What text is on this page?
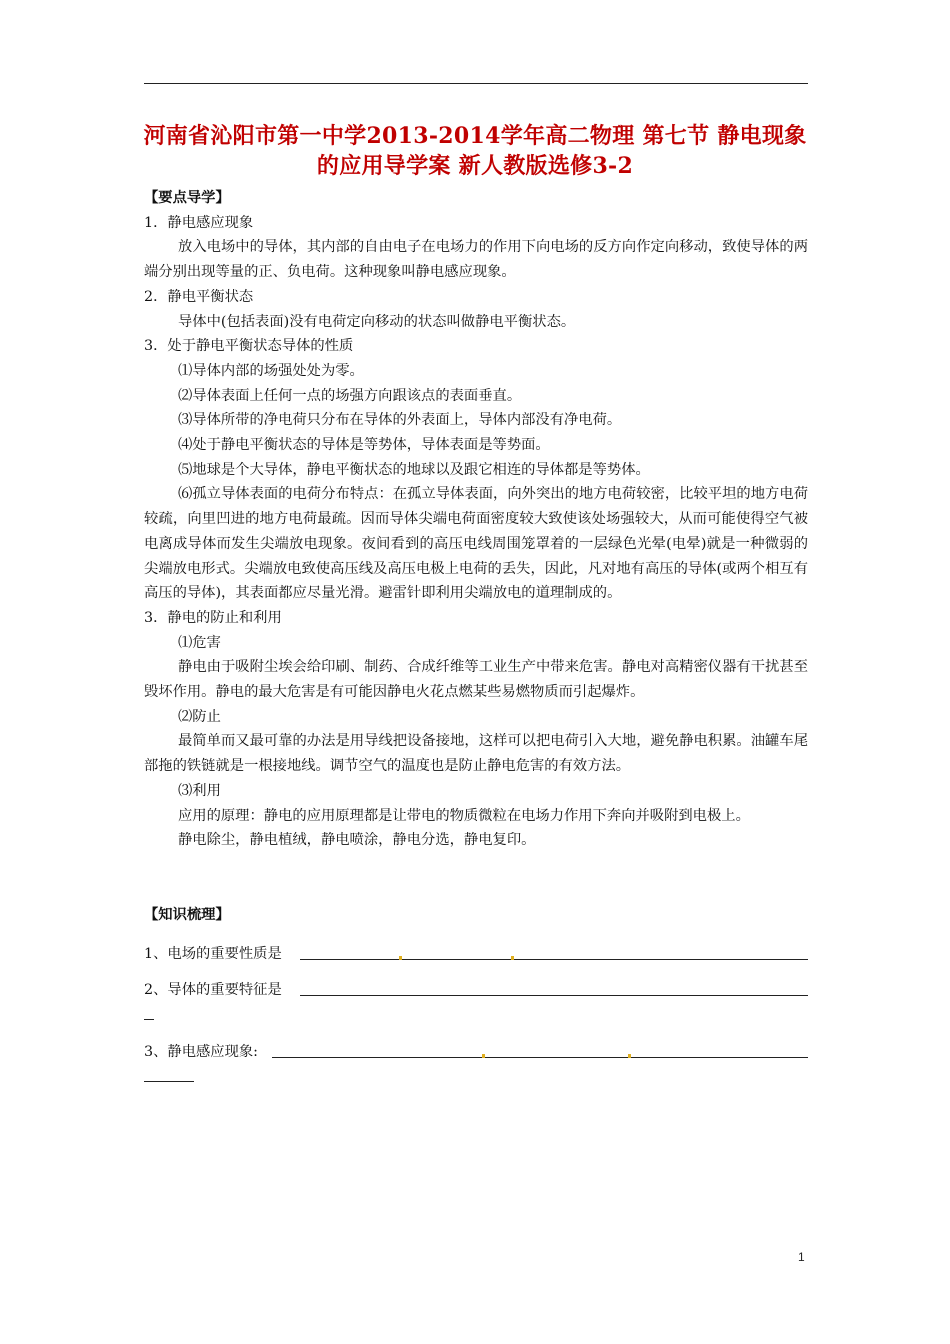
河南省沁阳市第一中学2013-2014学年高二物理 第七节 静电现象
的应用导学案 新人教版选修3-2

【要点导学】

1．静电感应现象

放入电场中的导体，其内部的自由电子在电场力的作用下向电场的反方向作定向移动，致使导体的两端分别出现等量的正、负电荷。这种现象叫静电感应现象。

2．静电平衡状态

导体中(包括表面)没有电荷定向移动的状态叫做静电平衡状态。

3．处于静电平衡状态导体的性质

⑴导体内部的场强处处为零。

⑵导体表面上任何一点的场强方向跟该点的表面垂直。

⑶导体所带的净电荷只分布在导体的外表面上，导体内部没有净电荷。

⑷处于静电平衡状态的导体是等势体，导体表面是等势面。

⑸地球是个大导体，静电平衡状态的地球以及跟它相连的导体都是等势体。

⑹孤立导体表面的电荷分布特点：在孤立导体表面，向外突出的地方电荷较密，比较平坦的地方电荷较疏，向里凹进的地方电荷最疏。因而导体尖端电荷面密度较大致使该处场强较大，从而可能使得空气被电离成导体而发生尖端放电现象。夜间看到的高压电线周围笼罩着的一层绿色光晕(电晕)就是一种微弱的尖端放电形式。尖端放电致使高压线及高压电极上电荷的丢失，因此，凡对地有高压的导体(或两个相互有高压的导体)，其表面都应尽量光滑。避雷针即利用尖端放电的道理制成的。

3．静电的防止和利用

⑴危害

静电由于吸附尘埃会给印刷、制药、合成纤维等工业生产中带来危害。静电对高精密仪器有干扰甚至毁坏作用。静电的最大危害是有可能因静电火花点燃某些易燃物质而引起爆炸。

⑵防止

最简单而又最可靠的办法是用导线把设备接地，这样可以把电荷引入大地，避免静电积累。油罐车尾部拖的铁链就是一根接地线。调节空气的温度也是防止静电危害的有效方法。

⑶利用

应用的原理：静电的应用原理都是让带电的物质微粒在电场力作用下奔向并吸附到电极上。

静电除尘，静电植绒，静电喷涂，静电分选，静电复印。

【知识梳理】

1、电场的重要性质是
2、导体的重要特征是
3、静电感应现象:
1
